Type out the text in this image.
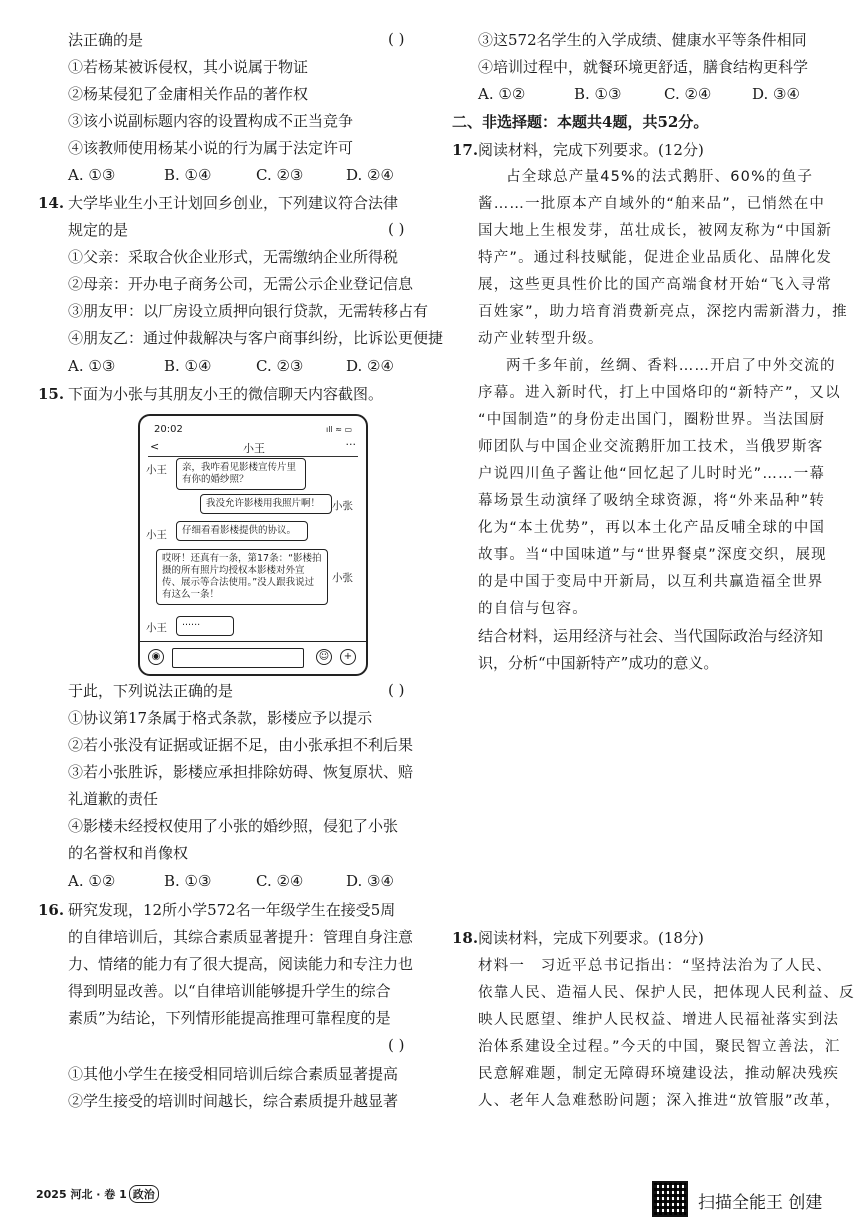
法正确的是	( )
①若杨某被诉侵权，其小说属于物证
②杨某侵犯了金庸相关作品的著作权
③该小说副标题内容的设置构成不正当竞争
④该教师使用杨某小说的行为属于法定许可
A. ①③	B. ①④	C. ②③	D. ②④
14. 大学毕业生小王计划回乡创业，下列建议符合法律
规定的是	( )
①父亲：采取合伙企业形式，无需缴纳企业所得税
②母亲：开办电子商务公司，无需公示企业登记信息
③朋友甲：以厂房设立质押向银行贷款，无需转移占有
④朋友乙：通过仲裁解决与客户商事纠纷，比诉讼更便捷
A. ①③	B. ①④	C. ②③	D. ②④
15. 下面为小张与其朋友小王的微信聊天内容截图。
于此，下列说法正确的是	( )
①协议第17条属于格式条款，影楼应予以提示
②若小张没有证据或证据不足，由小张承担不利后果
③若小张胜诉，影楼应承担排除妨碍、恢复原状、赔
礼道歉的责任
④影楼未经授权使用了小张的婚纱照，侵犯了小张
的名誉权和肖像权
A. ①②	B. ①③	C. ②④	D. ③④
16. 研究发现，12所小学572名一年级学生在接受5周
的自律培训后，其综合素质显著提升：管理自身注意
力、情绪的能力有了很大提高，阅读能力和专注力也
得到明显改善。以“自律培训能够提升学生的综合
素质”为结论，下列情形能提高推理可靠程度的是
( )
①其他小学生在接受相同培训后综合素质显著提高
②学生接受的培训时间越长，综合素质提升越显著
20:02	ıll ≈ ▭
<	小王	···
小王	亲，我咋看见影楼宣传片里有你的婚纱照？
我没允许影楼用我照片啊！	小张
小王	仔细看看影楼提供的协议。
哎呀！还真有一条，第17条：“影楼拍摄的所有照片均授权本影楼对外宣传、展示等合法使用。”没人跟我说过有这么一条！
小张
小王	······
◉	☺	+
2025 河北 · 卷 1 政治
③这572名学生的入学成绩、健康水平等条件相同
④培训过程中，就餐环境更舒适，膳食结构更科学
A. ①②	B. ①③	C. ②④	D. ③④
二、非选择题：本题共4题，共52分。
17. 阅读材料，完成下列要求。(12分)
占全球总产量45%的法式鹅肝、60%的鱼子
酱……一批原本产自域外的“舶来品”，已悄然在中
国大地上生根发芽，茁壮成长，被网友称为“中国新
特产”。通过科技赋能，促进企业品质化、品牌化发
展，这些更具性价比的国产高端食材开始“飞入寻常
百姓家”，助力培育消费新亮点，深挖内需新潜力，推
动产业转型升级。
两千多年前，丝绸、香料……开启了中外交流的
序幕。进入新时代，打上中国烙印的“新特产”，又以
“中国制造”的身份走出国门，圈粉世界。当法国厨
师团队与中国企业交流鹅肝加工技术，当俄罗斯客
户说四川鱼子酱让他“回忆起了儿时时光”……一幕
幕场景生动演绎了吸纳全球资源，将“外来品种”转
化为“本土优势”，再以本土化产品反哺全球的中国
故事。当“中国味道”与“世界餐桌”深度交织，展现
的是中国于变局中开新局，以互利共赢造福全世界
的自信与包容。
结合材料，运用经济与社会、当代国际政治与经济知
识，分析“中国新特产”成功的意义。
18. 阅读材料，完成下列要求。(18分)
材料一　习近平总书记指出：“坚持法治为了人民、
依靠人民、造福人民、保护人民，把体现人民利益、反
映人民愿望、维护人民权益、增进人民福祉落实到法
治体系建设全过程。”今天的中国，聚民智立善法，汇
民意解难题，制定无障碍环境建设法，推动解决残疾
人、老年人急难愁盼问题；深入推进“放管服”改革，
扫描全能王 创建
